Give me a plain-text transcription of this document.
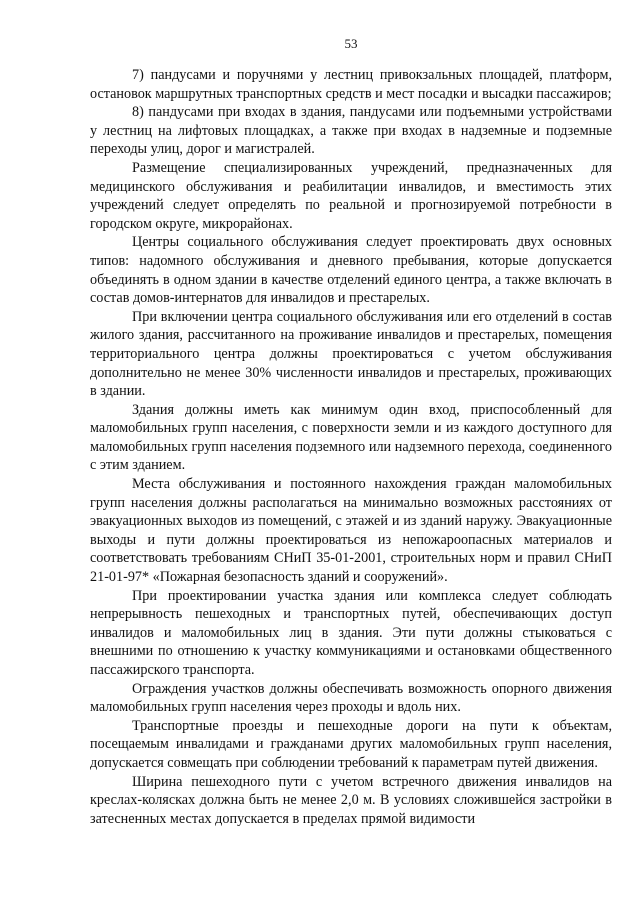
53

7) пандусами и поручнями у лестниц привокзальных площадей, платформ, остановок маршрутных транспортных средств и мест посадки и высадки пассажиров;

8) пандусами при входах в здания, пандусами или подъемными устройствами у лестниц на лифтовых площадках, а также при входах в надземные и подземные переходы улиц, дорог и магистралей.

Размещение специализированных учреждений, предназначенных для медицинского обслуживания и реабилитации инвалидов, и вместимость этих учреждений следует определять по реальной и прогнозируемой потребности в городском округе, микрорайонах.

Центры социального обслуживания следует проектировать двух основных типов: надомного обслуживания и дневного пребывания, которые допускается объединять в одном здании в качестве отделений единого центра, а также включать в состав домов-интернатов для инвалидов и престарелых.

При включении центра социального обслуживания или его отделений в состав жилого здания, рассчитанного на проживание инвалидов и престарелых, помещения территориального центра должны проектироваться с учетом обслуживания дополнительно не менее 30% численности инвалидов и престарелых, проживающих в здании.

Здания должны иметь как минимум один вход, приспособленный для маломобильных групп населения, с поверхности земли и из каждого доступного для маломобильных групп населения подземного или надземного перехода, соединенного с этим зданием.

Места обслуживания и постоянного нахождения граждан маломобильных групп населения должны располагаться на минимально возможных расстояниях от эвакуационных выходов из помещений, с этажей и из зданий наружу. Эвакуационные выходы и пути должны проектироваться из непожароопасных материалов и соответствовать требованиям СНиП 35-01-2001, строительных норм и правил СНиП 21-01-97* «Пожарная безопасность зданий и сооружений».

При проектировании участка здания или комплекса следует соблюдать непрерывность пешеходных и транспортных путей, обеспечивающих доступ инвалидов и маломобильных лиц в здания. Эти пути должны стыковаться с внешними по отношению к участку коммуникациями и остановками общественного пассажирского транспорта.

Ограждения участков должны обеспечивать возможность опорного движения маломобильных групп населения через проходы и вдоль них.

Транспортные проезды и пешеходные дороги на пути к объектам, посещаемым инвалидами и гражданами других маломобильных групп населения, допускается совмещать при соблюдении требований к параметрам путей движения.

Ширина пешеходного пути с учетом встречного движения инвалидов на креслах-колясках должна быть не менее 2,0 м. В условиях сложившейся застройки в затесненных местах допускается в пределах прямой видимости
